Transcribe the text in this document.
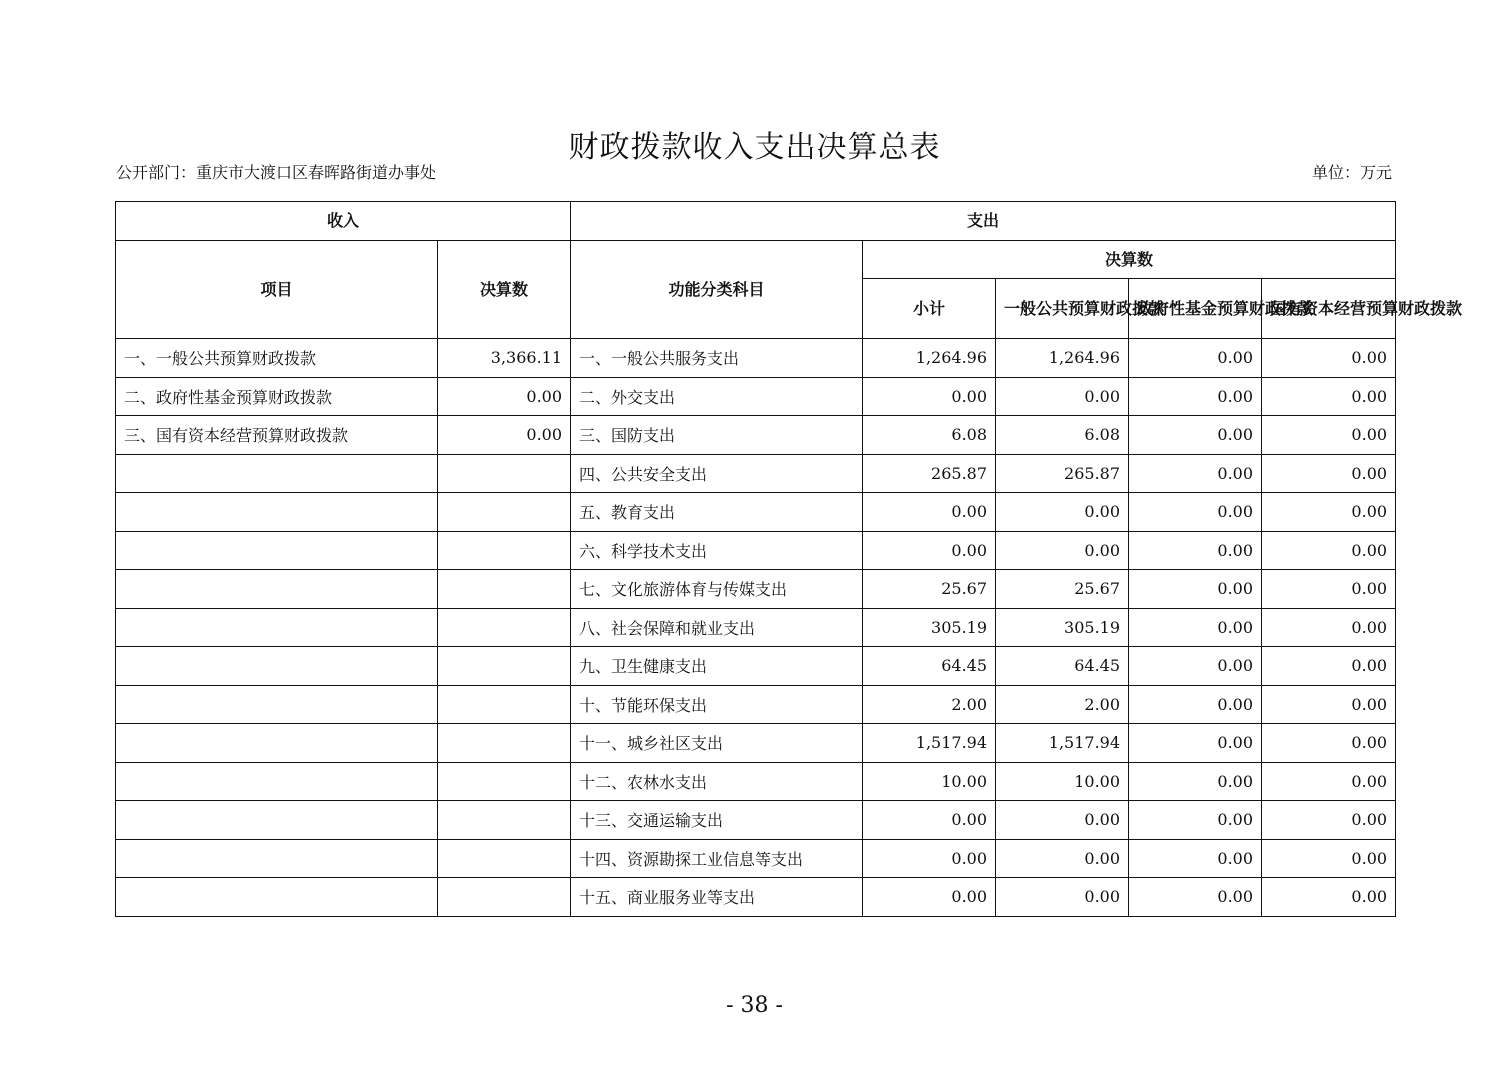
财政拨款收入支出决算总表
公开部门：重庆市大渡口区春晖路街道办事处	单位：万元
收入		支出				
项目	决算数	功能分类科目	决算数			
			小计	一般公共预算财政拨款	政府性基金预算财政拨款	国有资本经营预算财政拨款
一、一般公共预算财政拨款	3,366.11	一、一般公共服务支出	1,264.96	1,264.96	0.00	0.00
二、政府性基金预算财政拨款	0.00	二、外交支出	0.00	0.00	0.00	0.00
三、国有资本经营预算财政拨款	0.00	三、国防支出	6.08	6.08	0.00	0.00
		四、公共安全支出	265.87	265.87	0.00	0.00
		五、教育支出	0.00	0.00	0.00	0.00
		六、科学技术支出	0.00	0.00	0.00	0.00
		七、文化旅游体育与传媒支出	25.67	25.67	0.00	0.00
		八、社会保障和就业支出	305.19	305.19	0.00	0.00
		九、卫生健康支出	64.45	64.45	0.00	0.00
		十、节能环保支出	2.00	2.00	0.00	0.00
		十一、城乡社区支出	1,517.94	1,517.94	0.00	0.00
		十二、农林水支出	10.00	10.00	0.00	0.00
		十三、交通运输支出	0.00	0.00	0.00	0.00
		十四、资源勘探工业信息等支出	0.00	0.00	0.00	0.00
		十五、商业服务业等支出	0.00	0.00	0.00	0.00
- 38 -
